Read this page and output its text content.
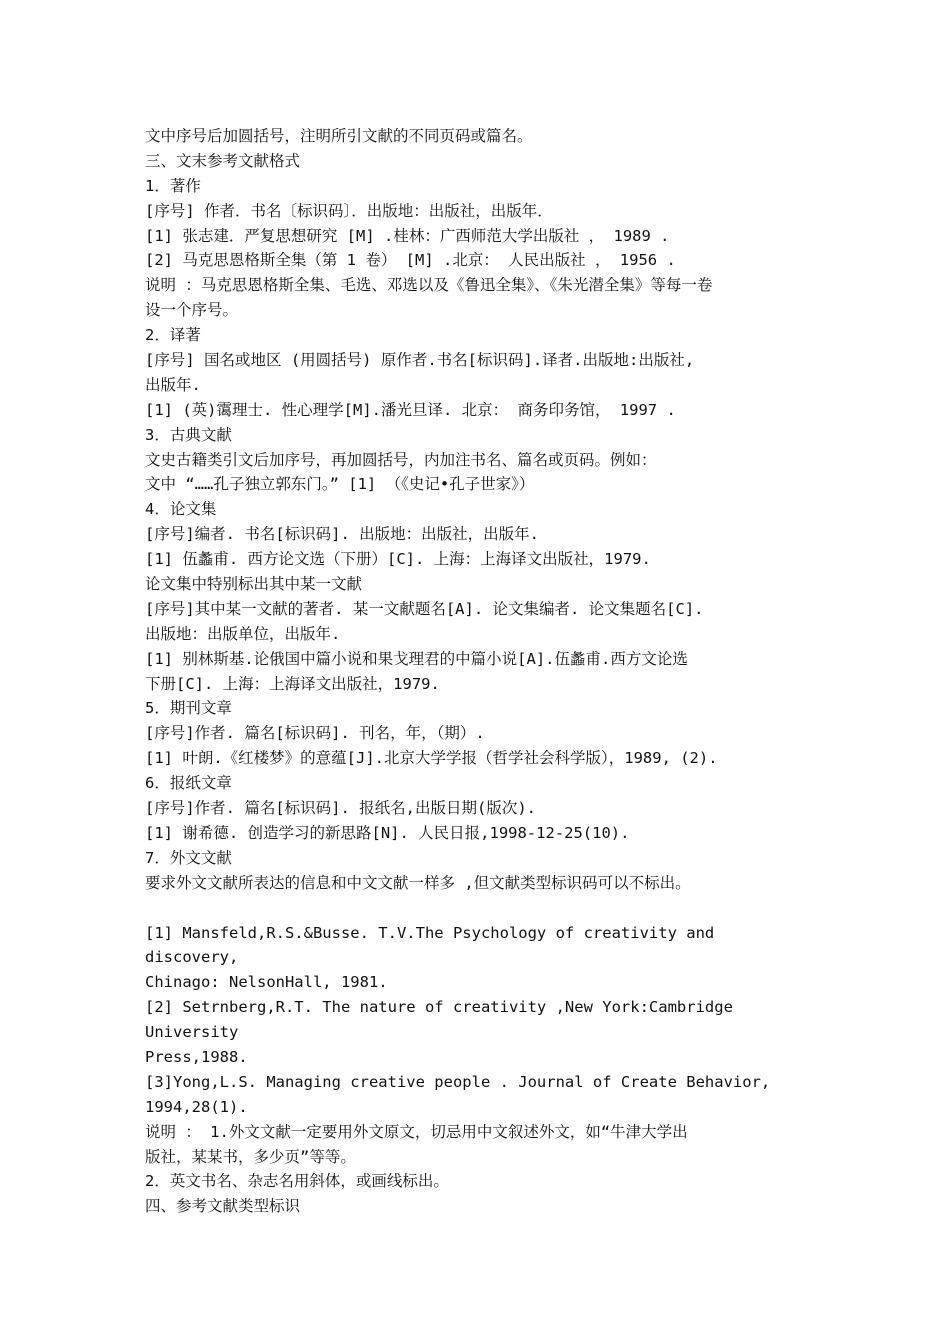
文中序号后加圆括号，注明所引文献的不同页码或篇名。
三、文末参考文献格式
1．著作
[序号] 作者．书名〔标识码〕．出版地：出版社，出版年．
[1] 张志建．严复思想研究 [M] .桂林：广西师范大学出版社 ， 1989 .
[2] 马克思恩格斯全集（第 1 卷） [M] .北京： 人民出版社 ， 1956 .
说明 ：马克思恩格斯全集、毛选、邓选以及《鲁迅全集》、《朱光潜全集》等每一卷
设一个序号。
2．译著
[序号] 国名或地区 (用圆括号) 原作者.书名[标识码].译者.出版地:出版社,
出版年.
[1] (英)霭理士. 性心理学[M].潘光旦译. 北京： 商务印务馆， 1997 .
3．古典文献
文史古籍类引文后加序号，再加圆括号，内加注书名、篇名或页码。例如：
文中 “……孔子独立郭东门。” [1] （《史记•孔子世家》）
4．论文集
[序号]编者. 书名[标识码]. 出版地：出版社，出版年.
[1] 伍蠡甫. 西方论文选（下册）[C]. 上海：上海译文出版社，1979.
论文集中特别标出其中某一文献
[序号]其中某一文献的著者. 某一文献题名[A]. 论文集编者. 论文集题名[C].
出版地：出版单位，出版年.
[1] 别林斯基.论俄国中篇小说和果戈理君的中篇小说[A].伍蠡甫.西方文论选
下册[C]. 上海：上海译文出版社，1979.
5．期刊文章
[序号]作者. 篇名[标识码]. 刊名，年，（期）.
[1] 叶朗.《红楼梦》的意蕴[J].北京大学学报（哲学社会科学版），1989, (2).
6．报纸文章
[序号]作者. 篇名[标识码]. 报纸名,出版日期(版次).
[1] 谢希德. 创造学习的新思路[N]. 人民日报,1998-12-25(10).
7．外文文献
要求外文文献所表达的信息和中文文献一样多 ,但文献类型标识码可以不标出。
[1] Mansfeld,R.S.&Busse. T.V.The Psychology of creativity and
discovery,
Chinago: NelsonHall, 1981.
[2] Setrnberg,R.T. The nature of creativity ,New York:Cambridge
University
Press,1988.
[3]Yong,L.S. Managing creative people . Journal of Create Behavior,
1994,28(1).
说明 ： 1.外文文献一定要用外文原文，切忌用中文叙述外文，如“牛津大学出
版社，某某书，多少页”等等。
2．英文书名、杂志名用斜体，或画线标出。
四、参考文献类型标识
